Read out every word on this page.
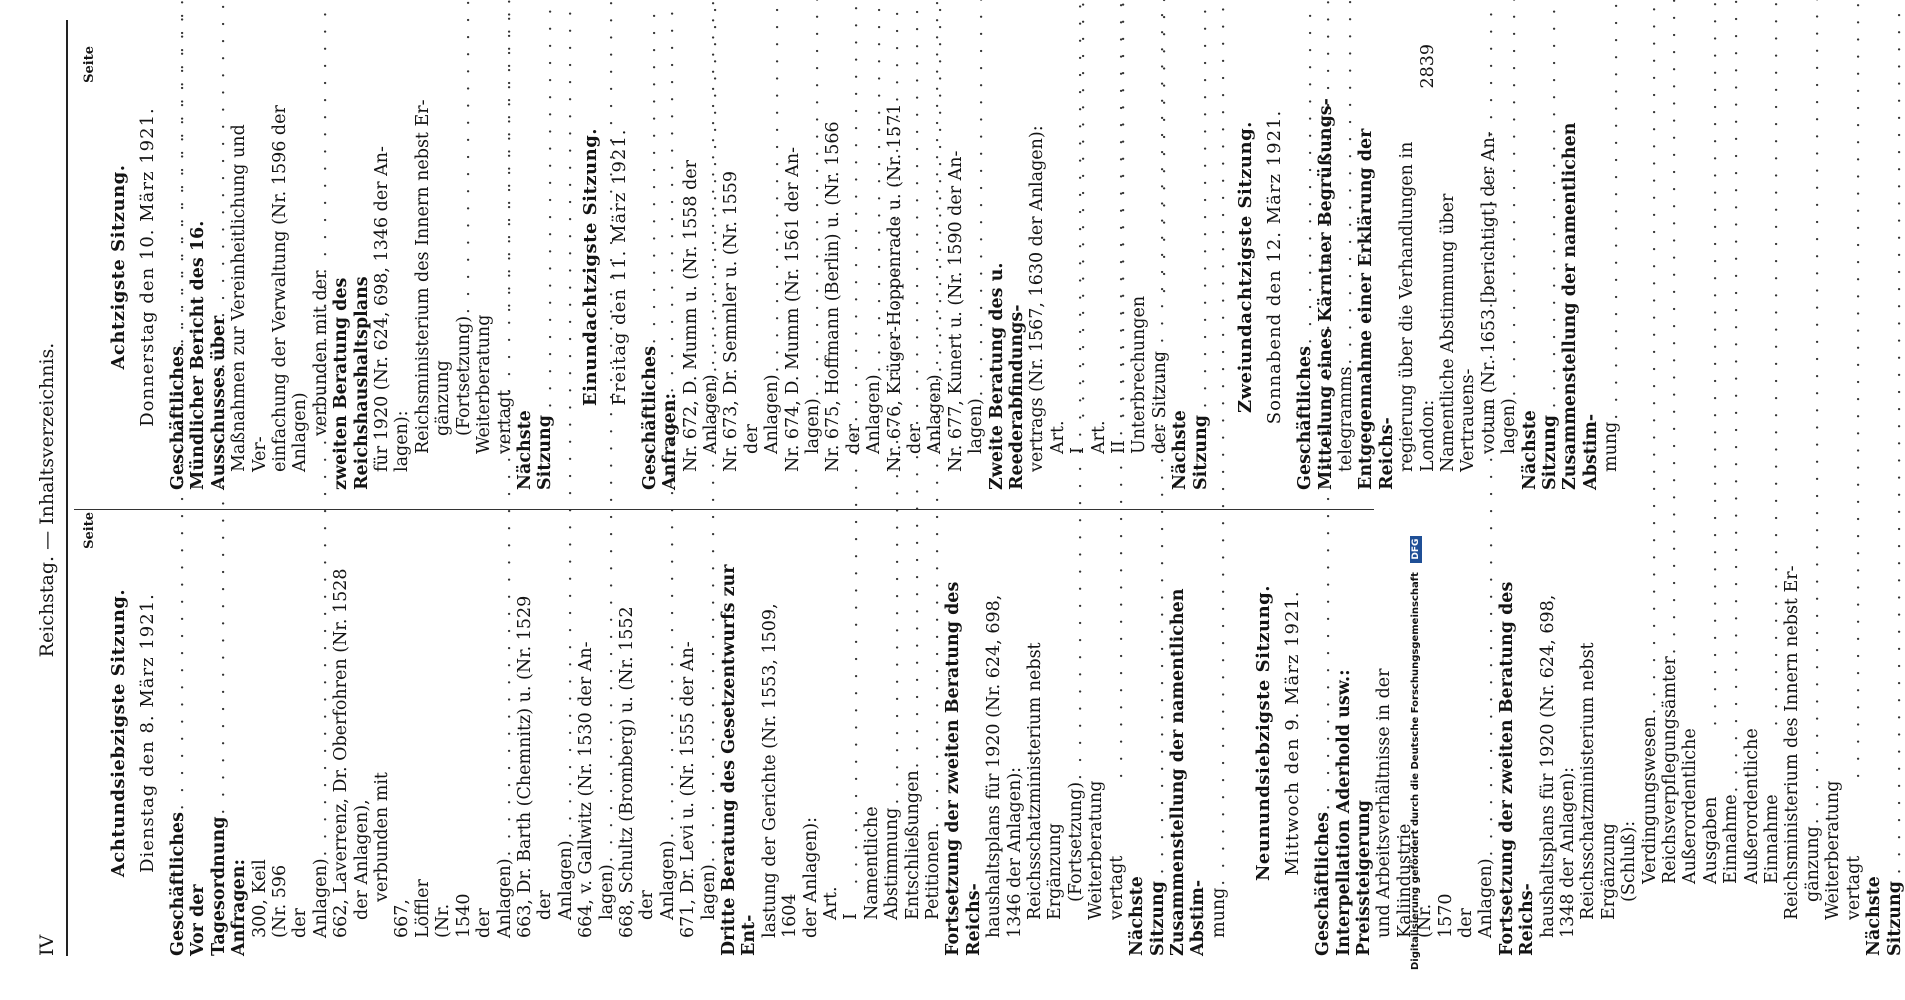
IV
Reichstag. — Inhaltsverzeichnis. Seite
Achtundsiebzigste Sitzung. Dienstag den 8. März 1921.
Geschäftliches
. . . Vor der Tagesordnung
. . . Anfragen: 300, Keil (Nr. 596 der Anlagen) . . . 662, Laverrenz, Dr. Oberfohren (Nr. 1528 der Anlagen), verbunden mit
667, Löffler (Nr. 1540 der Anlagen) . . . 663, Dr. Barth (Chemnitz) u. (Nr. 1529 der Anlagen) . . . 664, v. Gallwitz (Nr. 1530 der An- lagen) . . . 668, Schultz (Bromberg) u. (Nr. 1552 der Anlagen) . . . 671, Dr. Levi u. (Nr. 1555 der An- lagen) . . . Dritte Beratung des Gesetzentwurfs zur Ent- lastung der Gerichte (Nr. 1553, 1509, 1604 der Anlagen): Art. I . . . Namentliche Abstimmung
. . . Entschließungen
. . . Petitionen . . . Fortsetzung der zweiten Beratung des Reichs- haushaltsplans für 1920 (Nr. 624, 698, 1346 der Anlagen): Reichsschatzministerium nebst Ergänzung (Fortsetzung)
. . . Weiterberatung vertagt
. . . Nächste Sitzung . . . Zusammenstellung der namentlichen Abstim- mung
. . .
Neunundsiebzigste Sitzung. Mittwoch den 9. März 1921.
Geschäftliches . . . Interpellation Aderhold usw.: Preissteigerung und Arbeitsverhältnisse in der Kaliindustrie (Nr. 1570 der Anlagen) . . . Fortsetzung der zweiten Beratung des Reichs- haushaltsplans für 1920 (Nr. 624, 698, 1348 der Anlagen): Reichsschatzministerium nebst Ergänzung (Schluß): Verdingungswesen
. . . Reichsverpflegungsämter
. . . Außerordentliche Ausgaben
. . . Einnahme
. . . Außerordentliche Einnahme
. . . Reichsministerium des Innern nebst Er- gänzung
. . . Weiterberatung vertagt
. . . Nächste Sitzung
. . .
Seite
Achtzigste Sitzung. Donnerstag den 10. März 1921. Geschäftliches
. . . Mündlicher Bericht des 16. Ausschusses über Maßnahmen zur Vereinheitlichung und Ver- einfachung der Verwaltung (Nr. 1596 der Anlagen) verbunden mit der zweiten Beratung des Reichshaushaltsplans für 1920 (Nr. 624, 698, 1346 der An- lagen): Reichsministerium des Innern nebst Er- gänzung (Fortsetzung)
. . . Weiterberatung vertagt
. . . Nächste Sitzung
. . .
Einundachtzigste Sitzung. Freitag den 11. März 1921.
Geschäftliches
. . . Anfragen: Nr. 672, D. Mumm u. (Nr. 1558 der Anlagen) . . . Nr. 673, Dr. Semmler u. (Nr. 1559 der Anlagen) . . . Nr. 674, D. Mumm (Nr. 1561 der An- lagen) . . . Nr. 675, Hoffmann (Berlin) u. (Nr. 1566 der Anlagen) . . . Nr. 676, Krüger-Hoppenrade u. (Nr. 1571 der Anlagen) . . . Nr. 677, Kunert u. (Nr. 1590 der An- lagen) . . . Zweite Beratung des u. Reederabfindungs- vertrags (Nr. 1567, 1630 der Anlagen): Art. I
. . . Art. II . . . Unterbrechungen der Sitzung
. . . Nächste Sitzung
. . .
Zweiundachtzigste Sitzung. Sonnabend den 12. März 1921. Geschäftliches
. . . Mitteilung eines Kärntner Begrüßungs- telegramms . . . Entgegennahme einer Erklärung der Reichs- regierung über die Verhandlungen in London:
2839
Namentliche Abstimmung über Vertrauens- votum (Nr. 1653 [berichtigt] der An- lagen)
. . . Nächste Sitzung . . . Zusammenstellung der namentlichen Abstim- mung
. . .
Digitalisierung gefördert durch die Deutsche Forschungsgemeinschaft DFG
